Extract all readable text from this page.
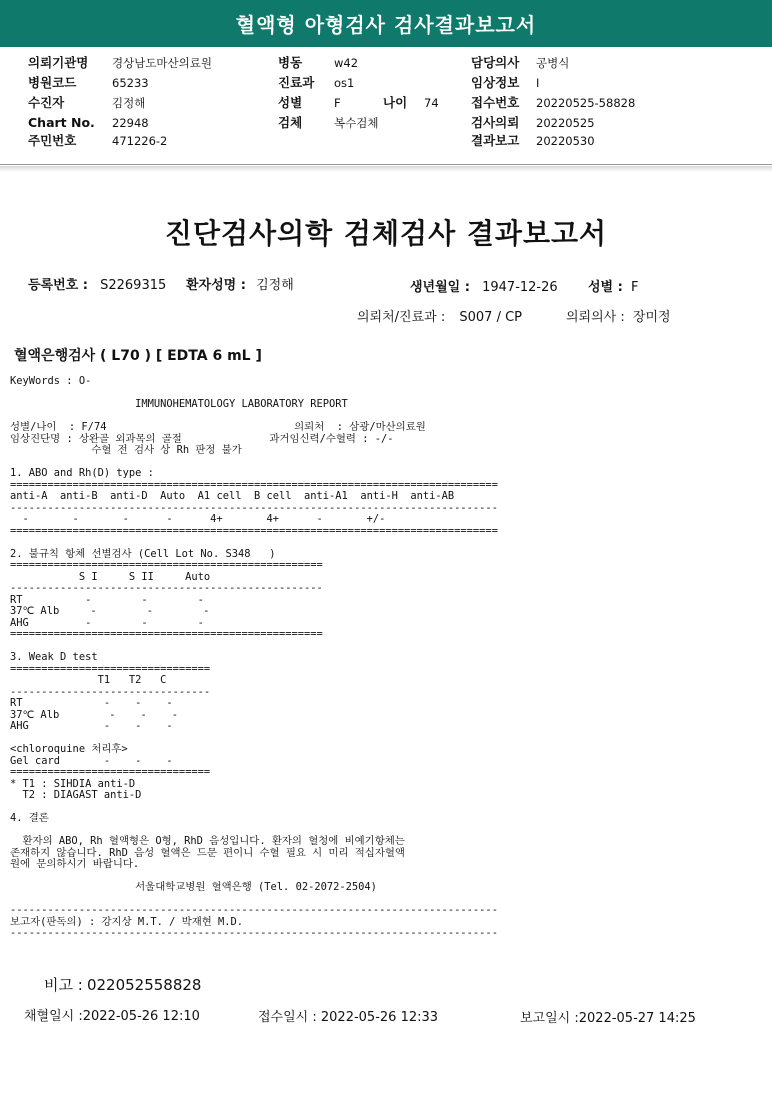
혈액형 아형검사 검사결과보고서
의뢰기관명 경상남도마산의료원	병동	w42	담당의사 공병식
병원코드	65233	진료과 os1	임상정보 I
수진자	김정해	성별	F	나이 74	접수번호 20220525-58828
Chart No. 22948	검체	복수검체	검사의뢰 20220525
주민번호	471226-2	결과보고 20220530
진단검사의학 검체검사 결과보고서
등록번호 : S2269315 환자성명 : 김정해	생년월일 : 1947-12-26 성별 : F
의뢰처/진료과 : S007 / CP	의뢰의사 : 장미정
혈액은행검사 ( L70 ) [ EDTA 6 mL ]
KeyWords : O-

IMMUNOHEMATOLOGY LABORATORY REPORT

성별/나이  : F/74                              의뢰처  : 삼광/마산의료원
임상진단명 : 상완골 외과목의 골절              과거임신력/수혈력 : -/-
수혈 전 검사 상 Rh 판정 불가

1. ABO and Rh(D) type :
==============================================================================
anti-A  anti-B  anti-D  Auto  A1 cell  B cell  anti-A1  anti-H  anti-AB
------------------------------------------------------------------------------
-       -       -      -      4+       4+      -       +/-
==============================================================================

2. 불규칙 항체 선별검사 (Cell Lot No. S348   )
==================================================
S I     S II     Auto
--------------------------------------------------
RT          -        -        -
37℃ Alb     -        -        -
AHG         -        -        -
==================================================

3. Weak D test
================================
T1   T2   C
--------------------------------
RT             -    -    -
37℃ Alb        -    -    -
AHG            -    -    -

<chloroquine 처리후>
Gel card       -    -    -
================================
* T1 : SIHDIA anti-D
T2 : DIAGAST anti-D

4. 결론

환자의 ABO, Rh 혈액형은 O형, RhD 음성입니다. 환자의 혈청에 비예기항체는
존재하지 않습니다. RhD 음성 혈액은 드문 편이니 수혈 필요 시 미리 적십자혈액
원에 문의하시기 바랍니다.

서울대학교병원 혈액은행 (Tel. 02-2072-2504)

------------------------------------------------------------------------------
보고자(판독의) : 강지상 M.T. / 박재현 M.D.
------------------------------------------------------------------------------
비고 : 022052558828
채혈일시 :2022-05-26 12:10	접수일시 : 2022-05-26 12:33	보고일시 :2022-05-27 14:25
